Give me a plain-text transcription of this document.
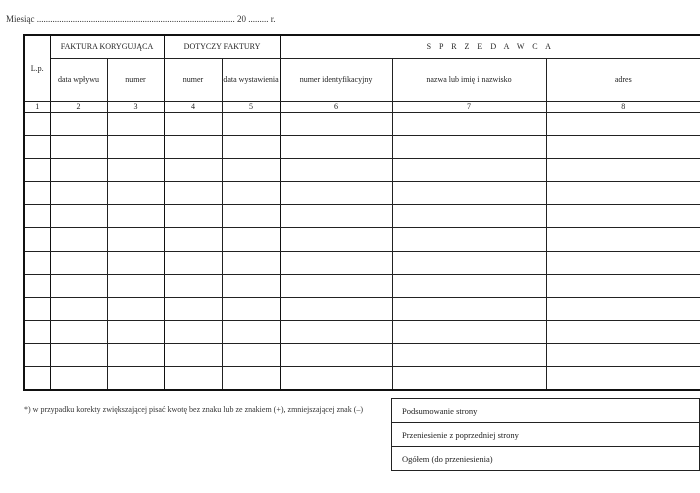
Miesiąc ........................................................................................ 20 ......... r.
L.p.	FAKTURA KORYGUJĄCA		DOTYCZY FAKTURY		S P R Z E D A W C A		
	data wpływu	numer	numer	data wystawienia	numer identyfikacyjny	nazwa lub imię i nazwisko	adres
1	2	3	4	5	6	7	8

*) w przypadku korekty zwiększającej pisać kwotę bez znaku lub ze znakiem (+), zmniejszającej znak (–)	Podsumowanie strony
Przeniesienie z poprzedniej strony
Ogółem (do przeniesienia)
